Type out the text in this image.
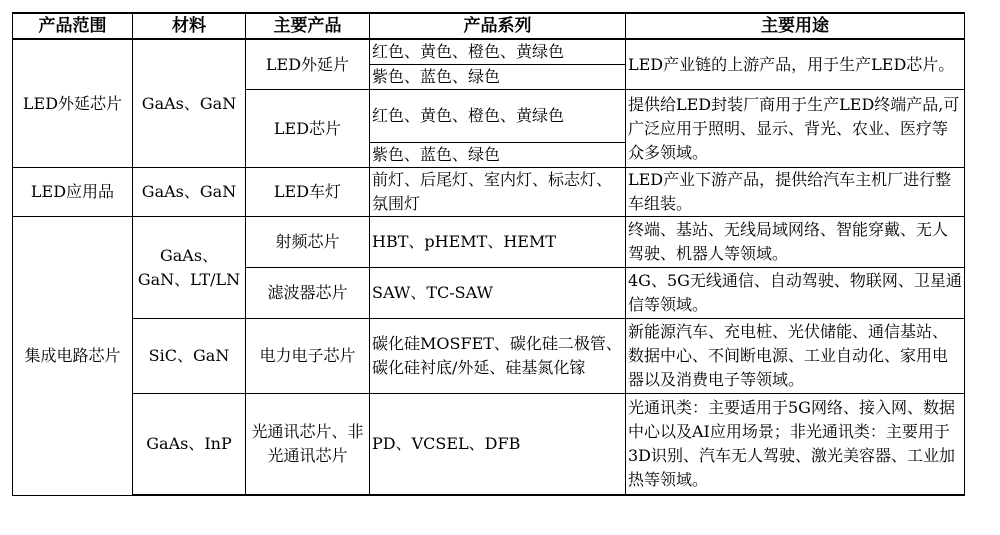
产品范围	材料	主要产品	产品系列	主要用途
LED外延芯片	GaAs、GaN	LED外延片	红色、黄色、橙色、黄绿色	LED产业链的上游产品，用于生产LED芯片。
			紫色、蓝色、绿色	
		LED芯片	红色、黄色、橙色、黄绿色	提供给LED封装厂商用于生产LED终端产品,可广泛应用于照明、显示、背光、农业、医疗等众多领域。
			紫色、蓝色、绿色	
LED应用品	GaAs、GaN	LED车灯	前灯、后尾灯、室内灯、标志灯、氛围灯	LED产业下游产品，提供给汽车主机厂进行整车组装。
集成电路芯片	GaAs、GaN、LT/LN	射频芯片	HBT、pHEMT、HEMT	终端、基站、无线局域网络、智能穿戴、无人驾驶、机器人等领域。
		滤波器芯片	SAW、TC-SAW	4G、5G无线通信、自动驾驶、物联网、卫星通信等领域。
	SiC、GaN	电力电子芯片	碳化硅MOSFET、碳化硅二极管、碳化硅衬底/外延、硅基氮化镓	新能源汽车、充电桩、光伏储能、通信基站、数据中心、不间断电源、工业自动化、家用电器以及消费电子等领域。
	GaAs、InP	光通讯芯片、非光通讯芯片	PD、VCSEL、DFB	光通讯类：主要适用于5G网络、接入网、数据中心以及AI应用场景；非光通讯类：主要用于3D识别、汽车无人驾驶、激光美容器、工业加热等领域。
